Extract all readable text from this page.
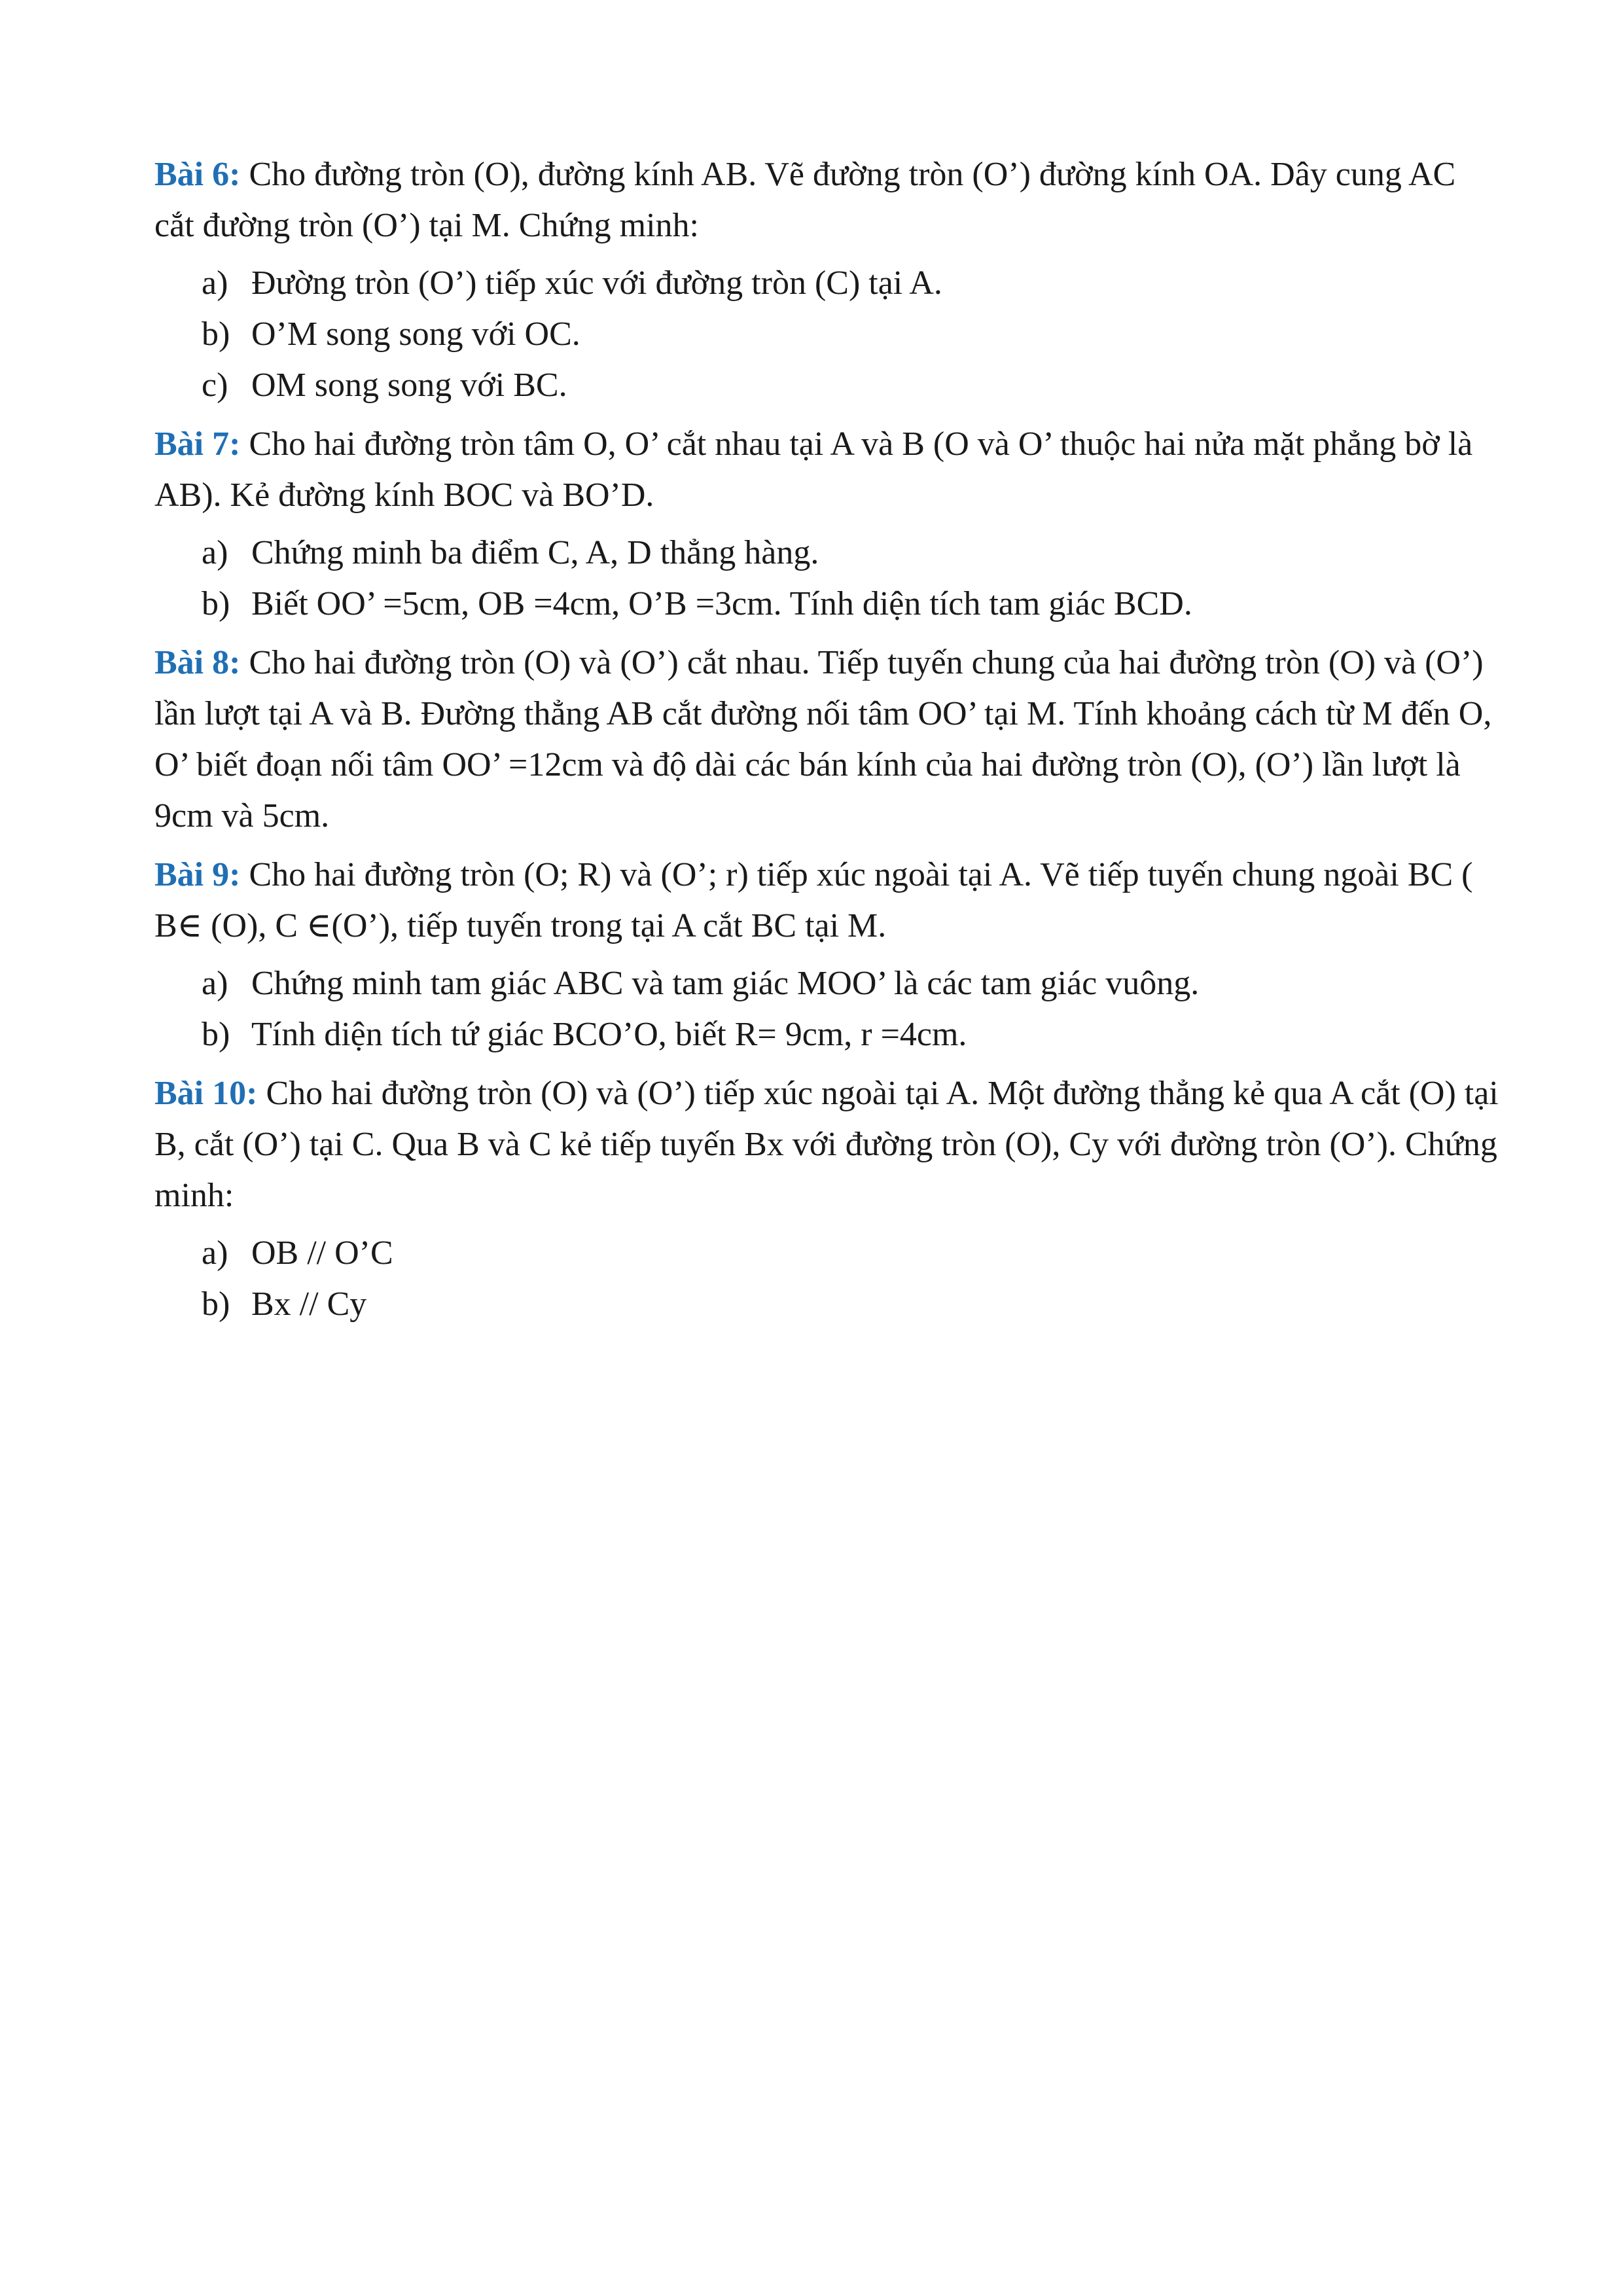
Bài 6: Cho đường tròn (O), đường kính AB. Vẽ đường tròn (O’) đường kính OA. Dây cung AC cắt đường tròn (O’) tại M. Chứng minh:

a) Đường tròn (O’) tiếp xúc với đường tròn (C) tại A.
b) O’M song song với OC.
c) OM song song với BC.

Bài 7: Cho hai đường tròn tâm O, O’ cắt nhau tại A và B (O và O’ thuộc hai nửa mặt phẳng bờ là AB). Kẻ đường kính BOC và BO’D.

a) Chứng minh ba điểm C, A, D thẳng hàng.
b) Biết OO’ =5cm, OB =4cm, O’B =3cm. Tính diện tích tam giác BCD.

Bài 8: Cho hai đường tròn (O) và (O’) cắt nhau. Tiếp tuyến chung của hai đường tròn (O) và (O’) lần lượt tại A và B. Đường thẳng AB cắt đường nối tâm OO’ tại M. Tính khoảng cách từ M đến O, O’ biết đoạn nối tâm OO’ =12cm và độ dài các bán kính của hai đường tròn (O), (O’) lần lượt là 9cm và 5cm.

Bài 9: Cho hai đường tròn (O; R) và (O’; r) tiếp xúc ngoài tại A. Vẽ tiếp tuyến chung ngoài BC ( B∈ (O), C ∈(O’), tiếp tuyến trong tại A cắt BC tại M.

a) Chứng minh tam giác ABC và tam giác MOO’ là các tam giác vuông.
b) Tính diện tích tứ giác BCO’O, biết R= 9cm, r =4cm.

Bài 10: Cho hai đường tròn (O) và (O’) tiếp xúc ngoài tại A. Một đường thẳng kẻ qua A cắt (O) tại B, cắt (O’) tại C. Qua B và C kẻ tiếp tuyến Bx với đường tròn (O), Cy với đường tròn (O’). Chứng minh:

a) OB // O’C
b) Bx // Cy
